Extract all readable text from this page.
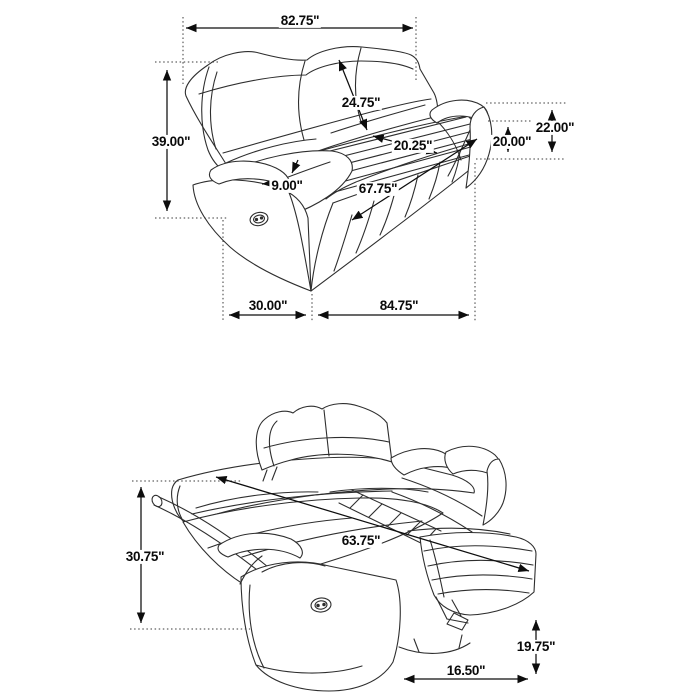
82.75"
39.00"
24.75"
22.00"
20.00"
20.25"
9.00"	67.75"
30.00"	84.75"
30.75"
63.75"
19.75"
16.50"
